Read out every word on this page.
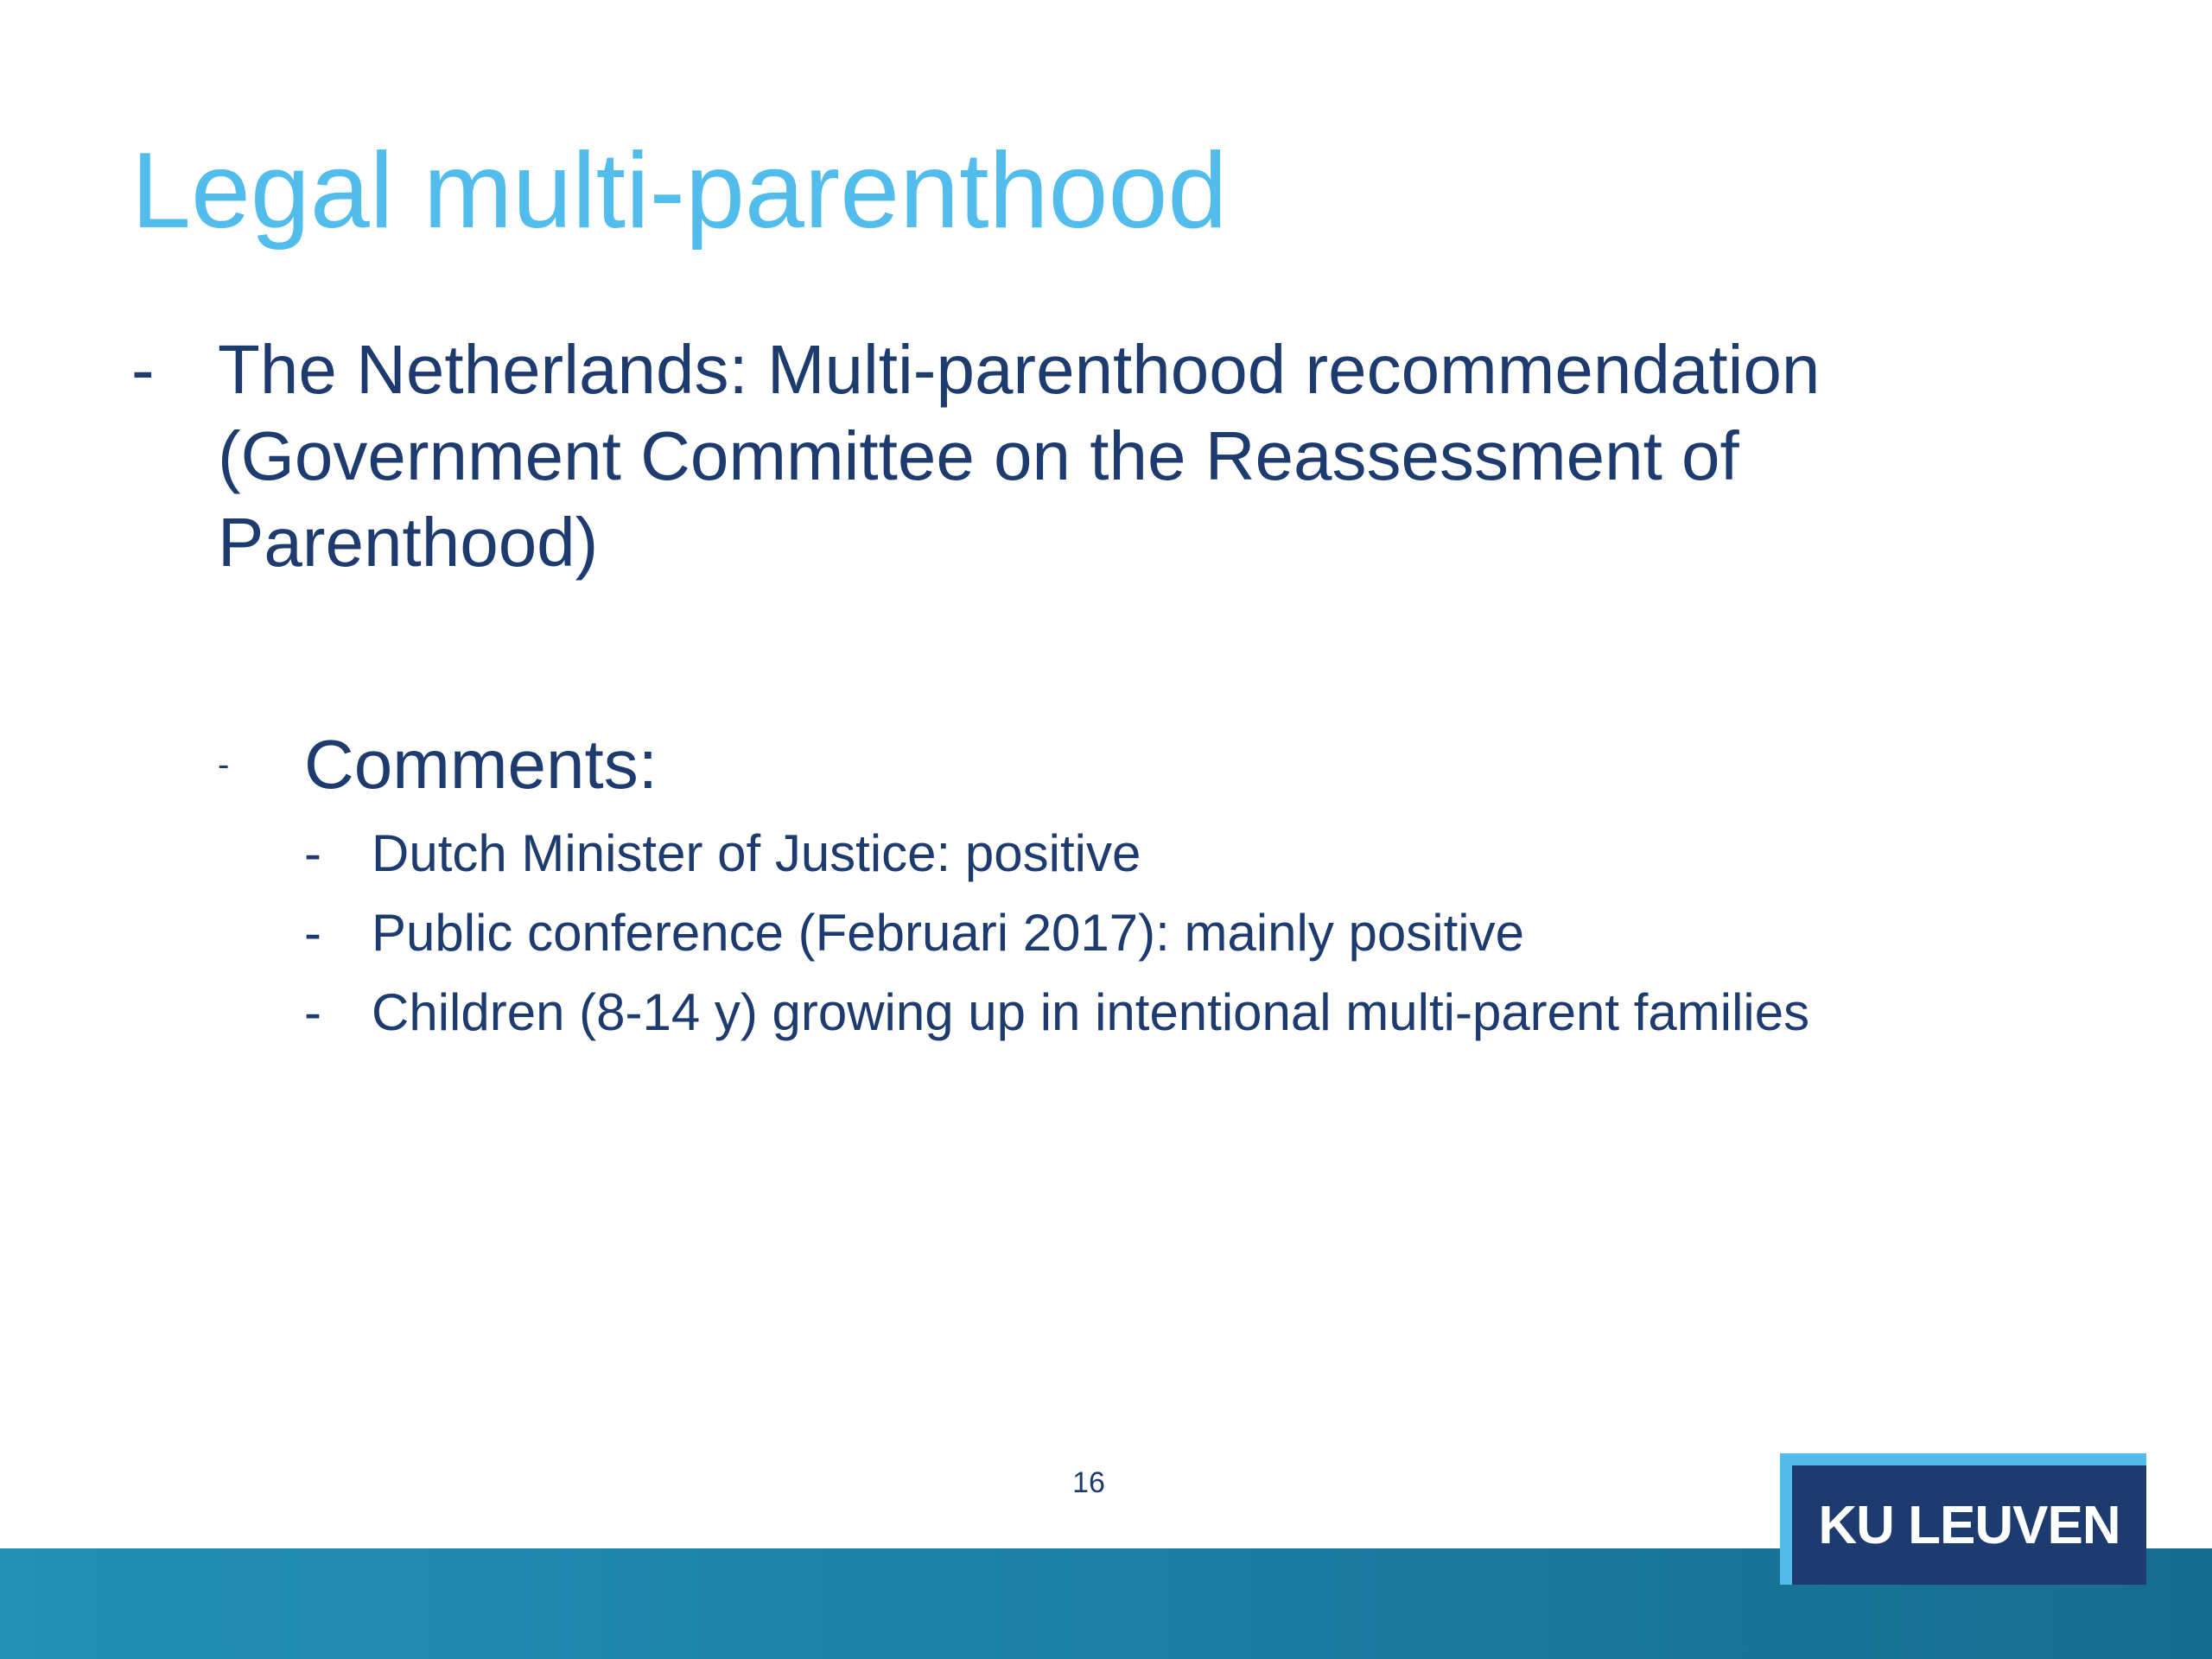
Legal multi-parenthood
- The Netherlands: Multi-parenthood recommendation (Government Committee on the Reassessment of Parenthood)
- Comments:
- Dutch Minister of Justice: positive
- Public conference (Februari 2017): mainly positive
- Children (8-14 y) growing up in intentional multi-parent families
16
KU LEUVEN
